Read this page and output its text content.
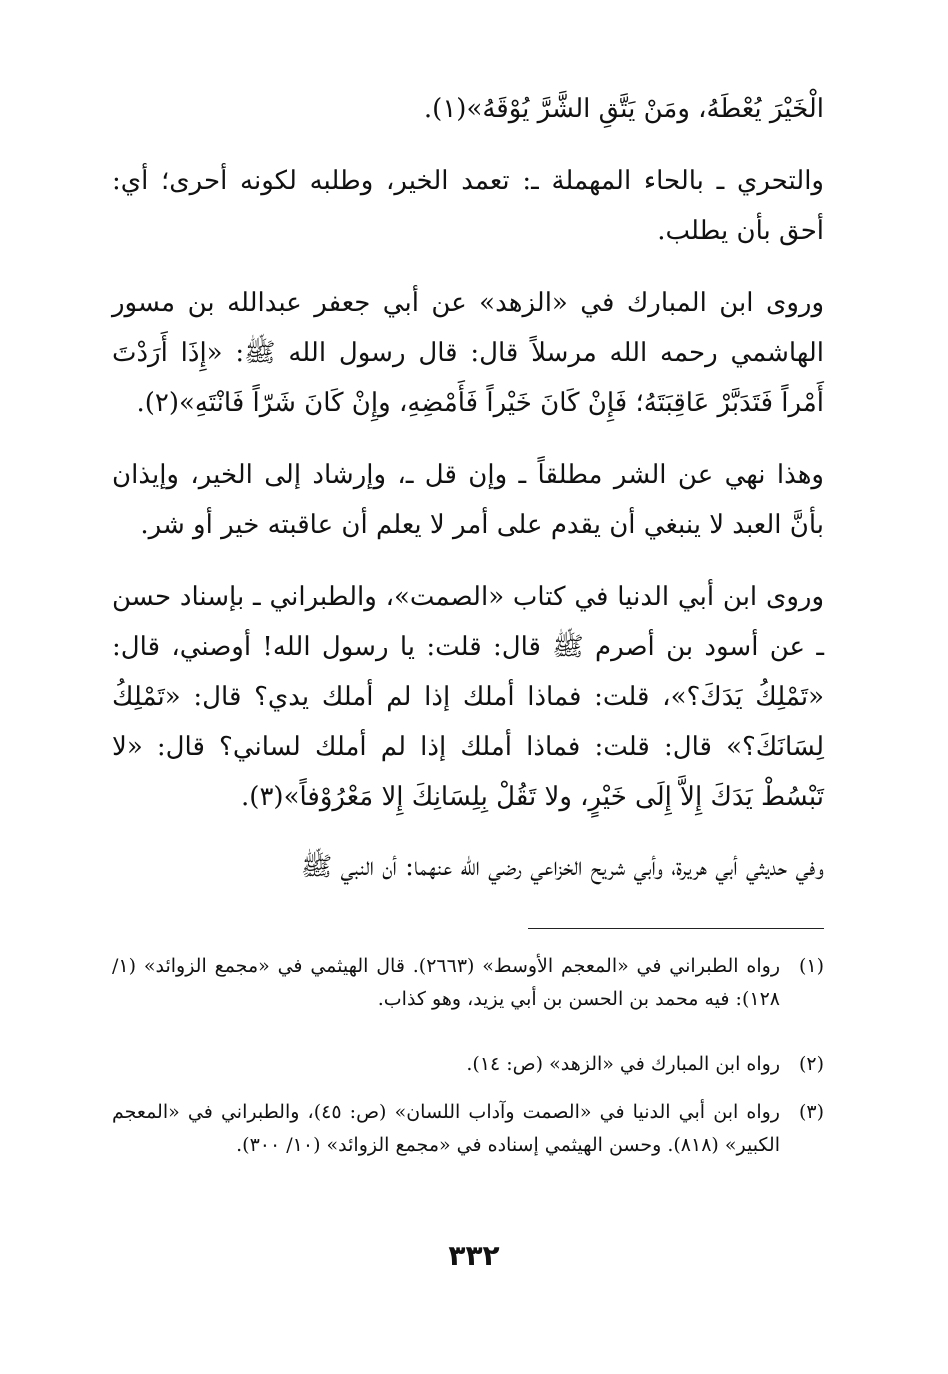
الْخَيْرَ يُعْطَهُ، ومَنْ يَتَّقِ الشَّرَّ يُوْقَهُ»(١).

والتحري ـ بالحاء المهملة ـ: تعمد الخير، وطلبه لكونه أحرى؛ أي: أحق بأن يطلب.

وروى ابن المبارك في «الزهد» عن أبي جعفر عبدالله بن مسور الهاشمي رحمه الله مرسلاً قال: قال رسول الله ﷺ: «إِذَا أَرَدْتَ أَمْراً فَتَدَبَّرْ عَاقِبَتَهُ؛ فَإِنْ كَانَ خَيْراً فَأَمْضِهِ، وإِنْ كَانَ شَرّاً فَانْتَهِ»(٢).

وهذا نهي عن الشر مطلقاً ـ وإن قل ـ، وإرشاد إلى الخير، وإيذان بأنَّ العبد لا ينبغي أن يقدم على أمر لا يعلم أن عاقبته خير أو شر.

وروى ابن أبي الدنيا في كتاب «الصمت»، والطبراني ـ بإسناد حسن ـ عن أسود بن أصرم ﷺ قال: قلت: يا رسول الله! أوصني، قال: «تَمْلِكُ يَدَكَ؟»، قلت: فماذا أملك إذا لم أملك يدي؟ قال: «تَمْلِكُ لِسَانَكَ؟» قال: قلت: فماذا أملك إذا لم أملك لساني؟ قال: «لا تَبْسُطْ يَدَكَ إِلاَّ إِلَى خَيْرٍ، ولا تَقُلْ بِلِسَانِكَ إِلا مَعْرُوْفاً»(٣).

وفي حديثي أبي هريرة، وأبي شريح الخزاعي رضي الله عنهما: أن النبي ﷺ

(١)
رواه الطبراني في «المعجم الأوسط» (٢٦٦٣). قال الهيثمي في «مجمع الزوائد» (١/ ١٢٨): فيه محمد بن الحسن بن أبي يزيد، وهو كذاب.
(٢)
رواه ابن المبارك في «الزهد» (ص: ١٤).
(٣)
رواه ابن أبي الدنيا في «الصمت وآداب اللسان» (ص: ٤٥)، والطبراني في «المعجم الكبير» (٨١٨). وحسن الهيثمي إسناده في «مجمع الزوائد» (١٠/ ٣٠٠).
٣٣٢
